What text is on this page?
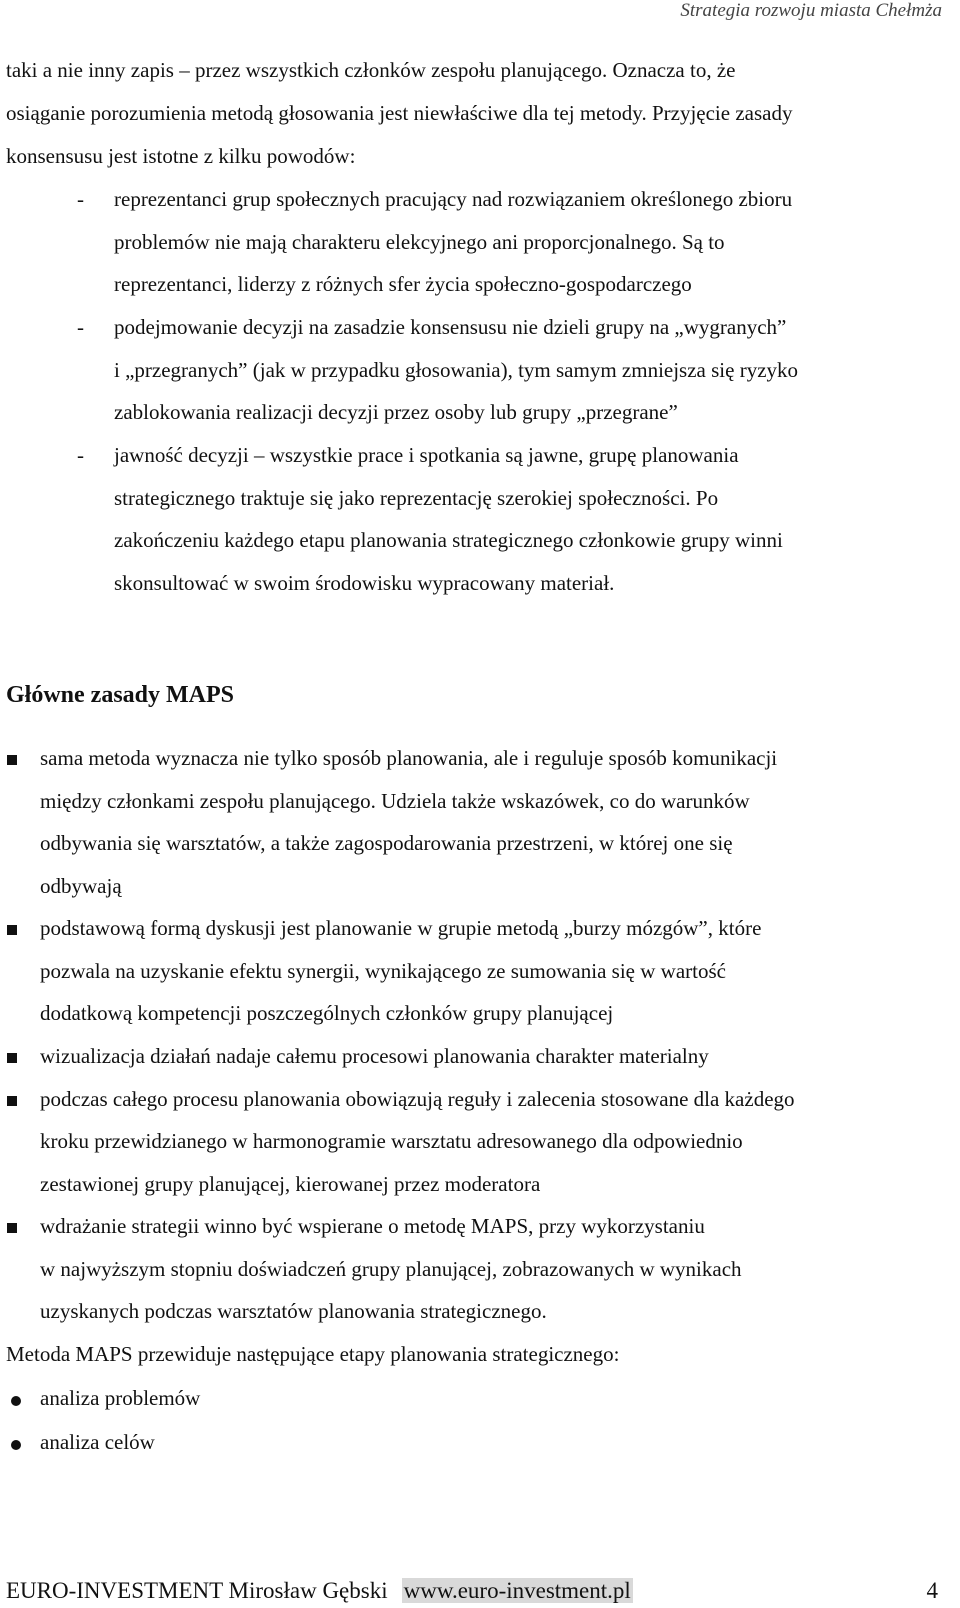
Strategia rozwoju miasta Chełmża
taki a nie inny zapis – przez wszystkich członków zespołu planującego. Oznacza to, że
osiąganie porozumienia metodą głosowania jest niewłaściwe dla tej metody. Przyjęcie zasady
konsensusu jest istotne z kilku powodów:
- reprezentanci grup społecznych pracujący nad rozwiązaniem określonego zbioru
problemów nie mają charakteru elekcyjnego ani proporcjonalnego. Są to
reprezentanci, liderzy z różnych sfer życia społeczno-gospodarczego
- podejmowanie decyzji na zasadzie konsensusu nie dzieli grupy na „wygranych”
i „przegranych” (jak w przypadku głosowania), tym samym zmniejsza się ryzyko
zablokowania realizacji decyzji przez osoby lub grupy „przegrane”
- jawność decyzji – wszystkie prace i spotkania są jawne, grupę planowania
strategicznego traktuje się jako reprezentację szerokiej społeczności. Po
zakończeniu każdego etapu planowania strategicznego członkowie grupy winni
skonsultować w swoim środowisku wypracowany materiał.
Główne zasady MAPS
sama metoda wyznacza nie tylko sposób planowania, ale i reguluje sposób komunikacji
między członkami zespołu planującego. Udziela także wskazówek, co do warunków
odbywania się warsztatów, a także zagospodarowania przestrzeni, w której one się
odbywają
podstawową formą dyskusji jest planowanie w grupie metodą „burzy mózgów”, które
pozwala na uzyskanie efektu synergii, wynikającego ze sumowania się w wartość
dodatkową kompetencji poszczególnych członków grupy planującej
wizualizacja działań nadaje całemu procesowi planowania charakter materialny
podczas całego procesu planowania obowiązują reguły i zalecenia stosowane dla każdego
kroku przewidzianego w harmonogramie warsztatu adresowanego dla odpowiednio
zestawionej grupy planującej, kierowanej przez moderatora
wdrażanie strategii winno być wspierane o metodę MAPS, przy wykorzystaniu
w najwyższym stopniu doświadczeń grupy planującej, zobrazowanych w wynikach
uzyskanych podczas warsztatów planowania strategicznego.
Metoda MAPS przewiduje następujące etapy planowania strategicznego:
analiza problemów
analiza celów
EURO-INVESTMENT Mirosław Gębski www.euro-investment.pl	4
